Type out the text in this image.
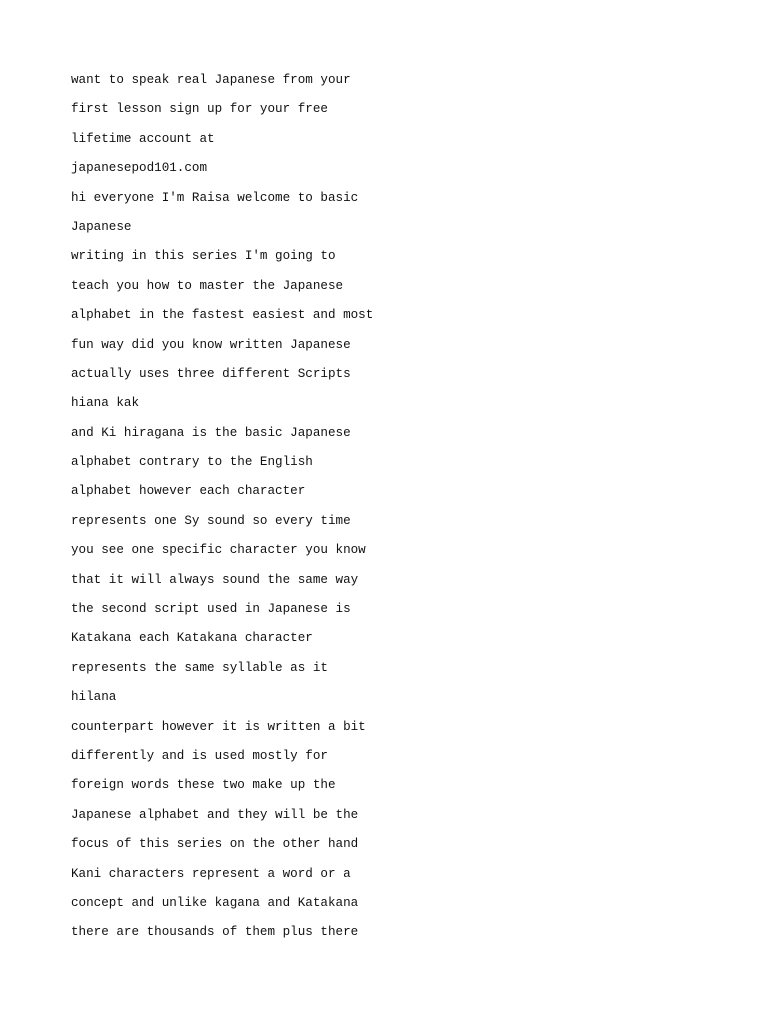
want to speak real Japanese from your
first lesson sign up for your free
lifetime account at
japanesepod101.com
hi everyone I'm Raisa welcome to basic
Japanese
writing in this series I'm going to
teach you how to master the Japanese
alphabet in the fastest easiest and most
fun way did you know written Japanese
actually uses three different Scripts
hiana kak
and Ki hiragana is the basic Japanese
alphabet contrary to the English
alphabet however each character
represents one Sy sound so every time
you see one specific character you know
that it will always sound the same way
the second script used in Japanese is
Katakana each Katakana character
represents the same syllable as it
hilana
counterpart however it is written a bit
differently and is used mostly for
foreign words these two make up the
Japanese alphabet and they will be the
focus of this series on the other hand
Kani characters represent a word or a
concept and unlike kagana and Katakana
there are thousands of them plus there
